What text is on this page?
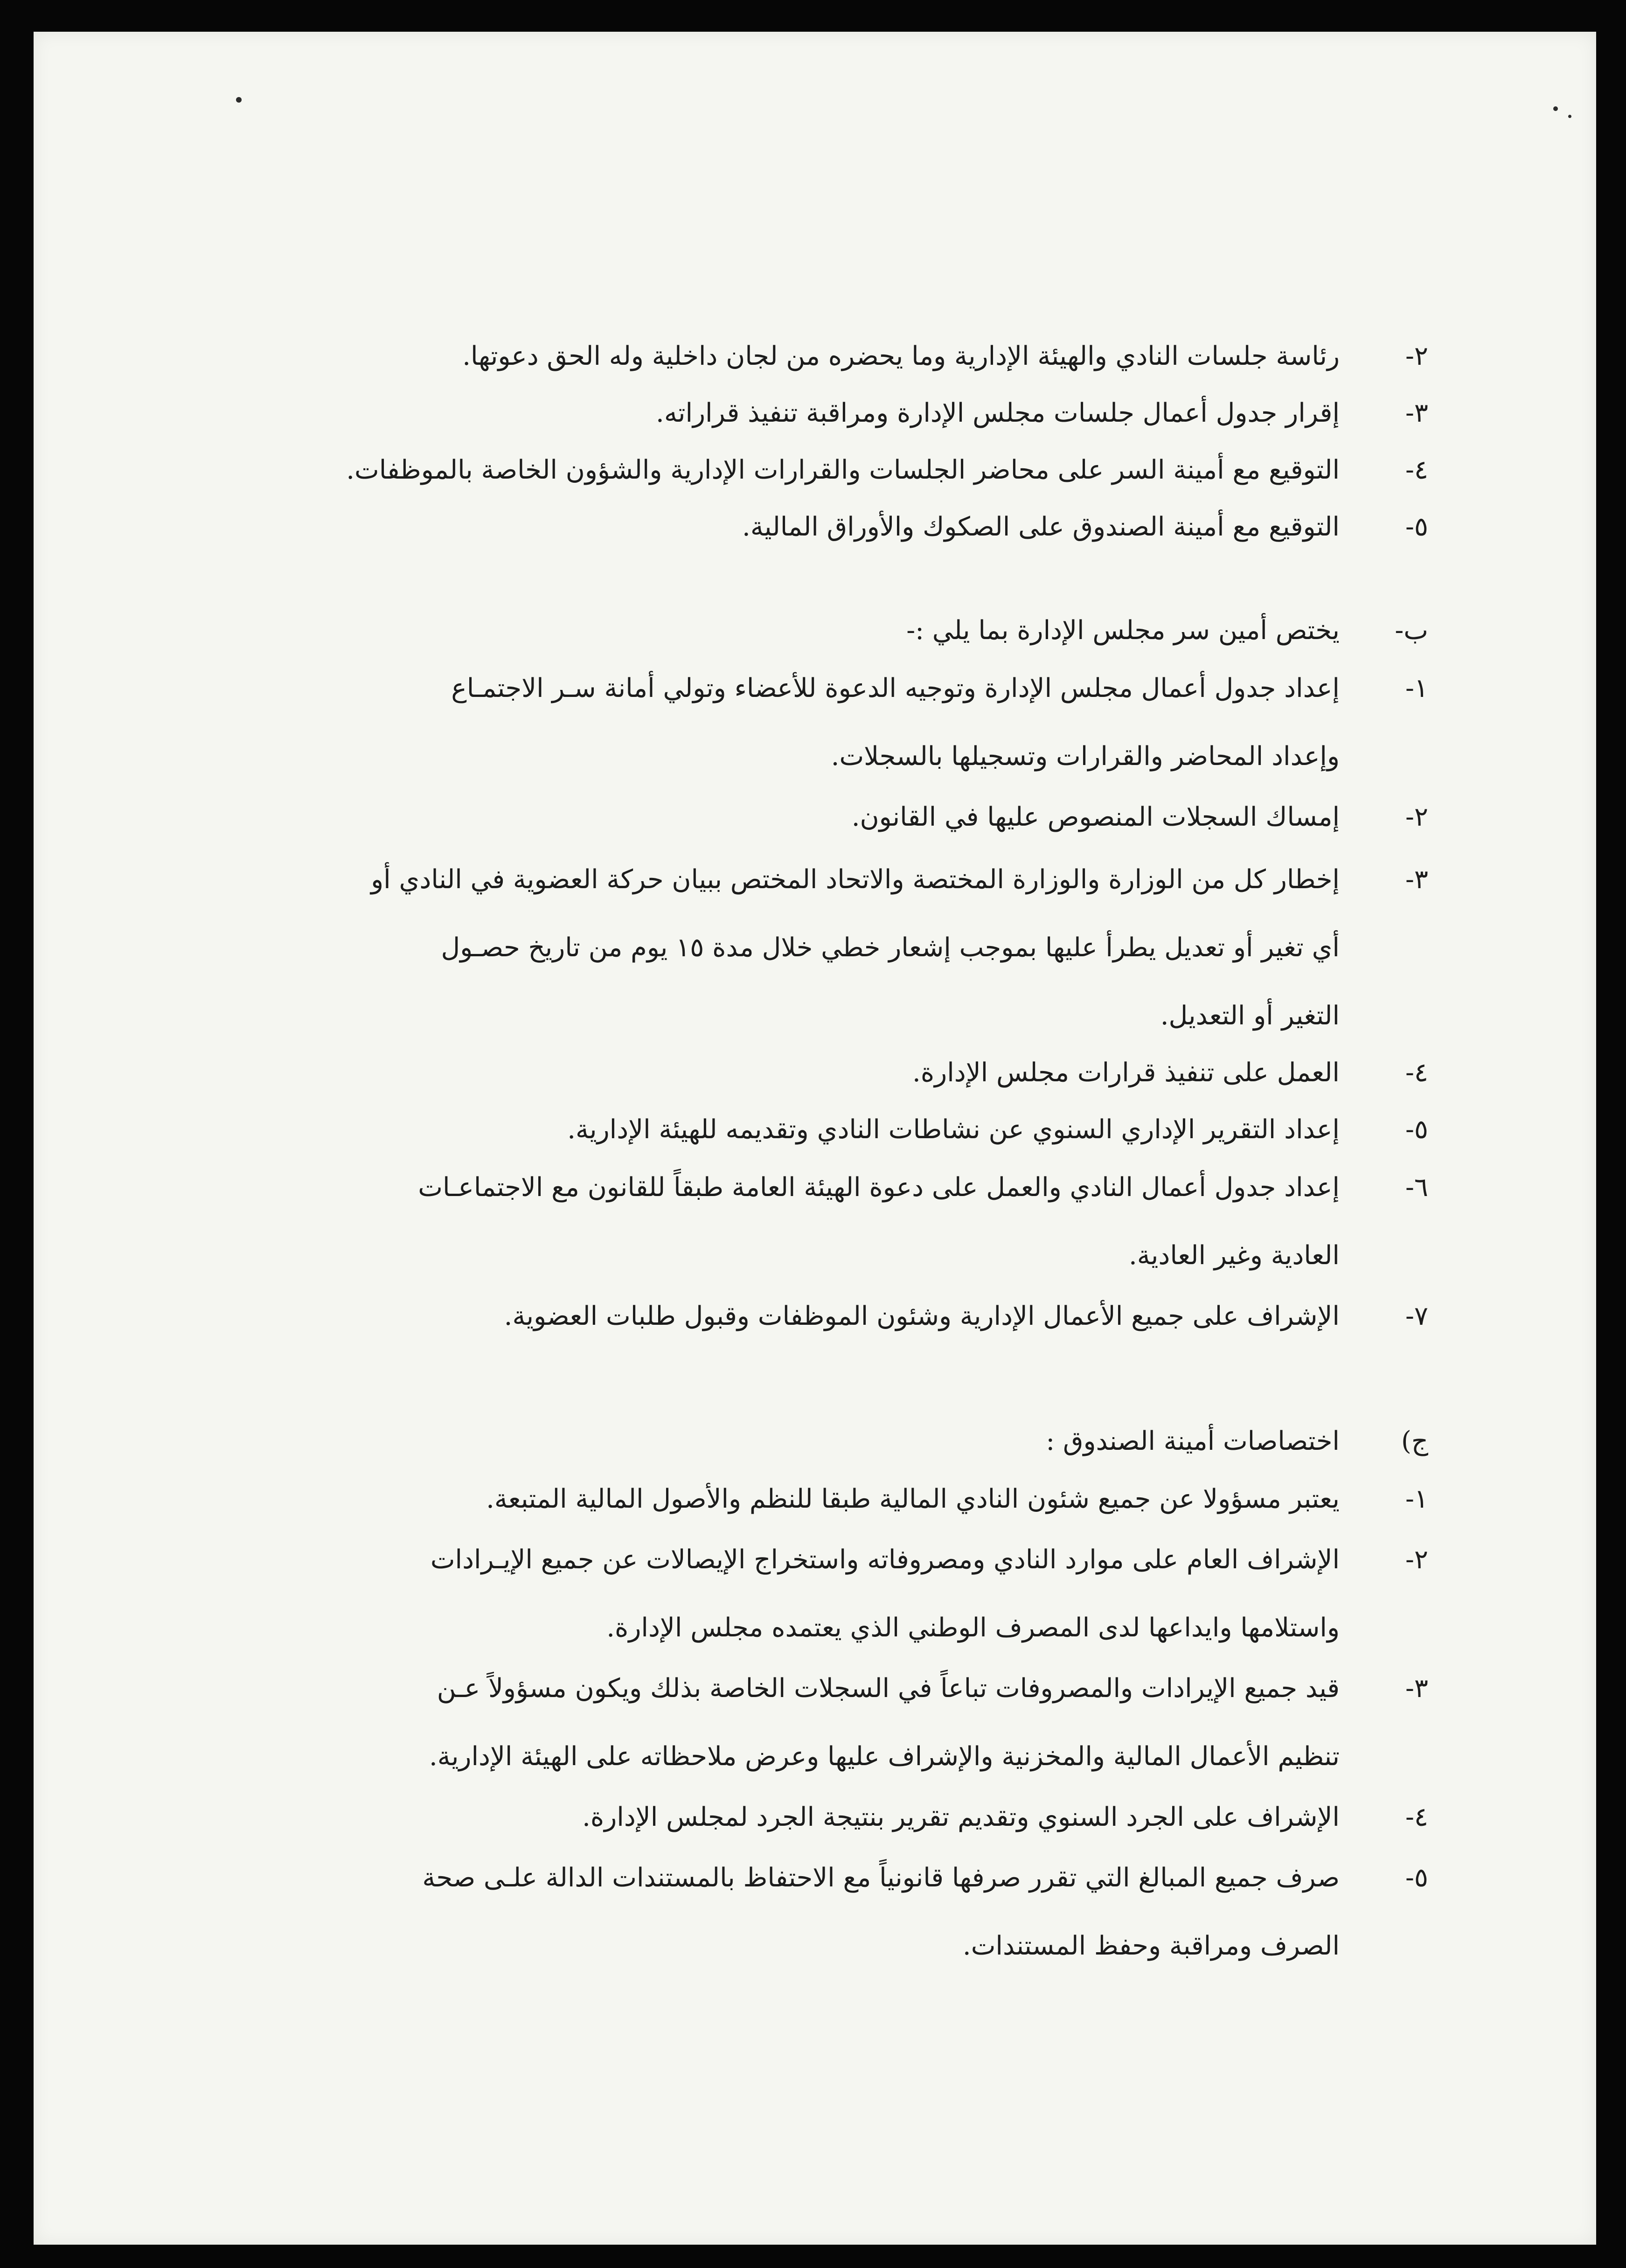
٢-
رئاسة جلسات النادي والهيئة الإدارية وما يحضره من لجان داخلية وله الحق دعوتها.
٣-
إقرار جدول أعمال جلسات مجلس الإدارة ومراقبة تنفيذ قراراته.
٤-
التوقيع مع أمينة السر على محاضر الجلسات والقرارات الإدارية والشؤون الخاصة بالموظفات.
٥-
التوقيع مع أمينة الصندوق على الصكوك والأوراق المالية.
ب-
يختص أمين سر مجلس الإدارة بما يلي :-
١-
إعداد جدول أعمال مجلس الإدارة وتوجيه الدعوة للأعضاء وتولي أمانة سـر الاجتمـاع
وإعداد المحاضر والقرارات وتسجيلها بالسجلات.
٢-
إمساك السجلات المنصوص عليها في القانون.
٣-
إخطار كل من الوزارة والوزارة المختصة والاتحاد المختص ببيان حركة العضوية في النادي أو
أي تغير أو تعديل يطرأ عليها بموجب إشعار خطي خلال مدة ١٥ يوم من تاريخ حصـول
التغير أو التعديل.
٤-
العمل على تنفيذ قرارات مجلس الإدارة.
٥-
إعداد التقرير الإداري السنوي عن نشاطات النادي وتقديمه للهيئة الإدارية.
٦-
إعداد جدول أعمال النادي والعمل على دعوة الهيئة العامة طبقاً للقانون مع الاجتماعـات
العادية وغير العادية.
٧-
الإشراف على جميع الأعمال الإدارية وشئون الموظفات وقبول طلبات العضوية.
ج)
اختصاصات أمينة الصندوق :
١-
يعتبر مسؤولا عن جميع شئون النادي المالية طبقا للنظم والأصول المالية المتبعة.
٢-
الإشراف العام على موارد النادي ومصروفاته واستخراج الإيصالات عن جميع الإيـرادات
واستلامها وايداعها لدى المصرف الوطني الذي يعتمده مجلس الإدارة.
٣-
قيد جميع الإيرادات والمصروفات تباعاً في السجلات الخاصة بذلك ويكون مسؤولاً عـن
تنظيم الأعمال المالية والمخزنية والإشراف عليها وعرض ملاحظاته على الهيئة الإدارية.
٤-
الإشراف على الجرد السنوي وتقديم تقرير بنتيجة الجرد لمجلس الإدارة.
٥-
صرف جميع المبالغ التي تقرر صرفها قانونياً مع الاحتفاظ بالمستندات الدالة علـى صحة
الصرف ومراقبة وحفظ المستندات.
